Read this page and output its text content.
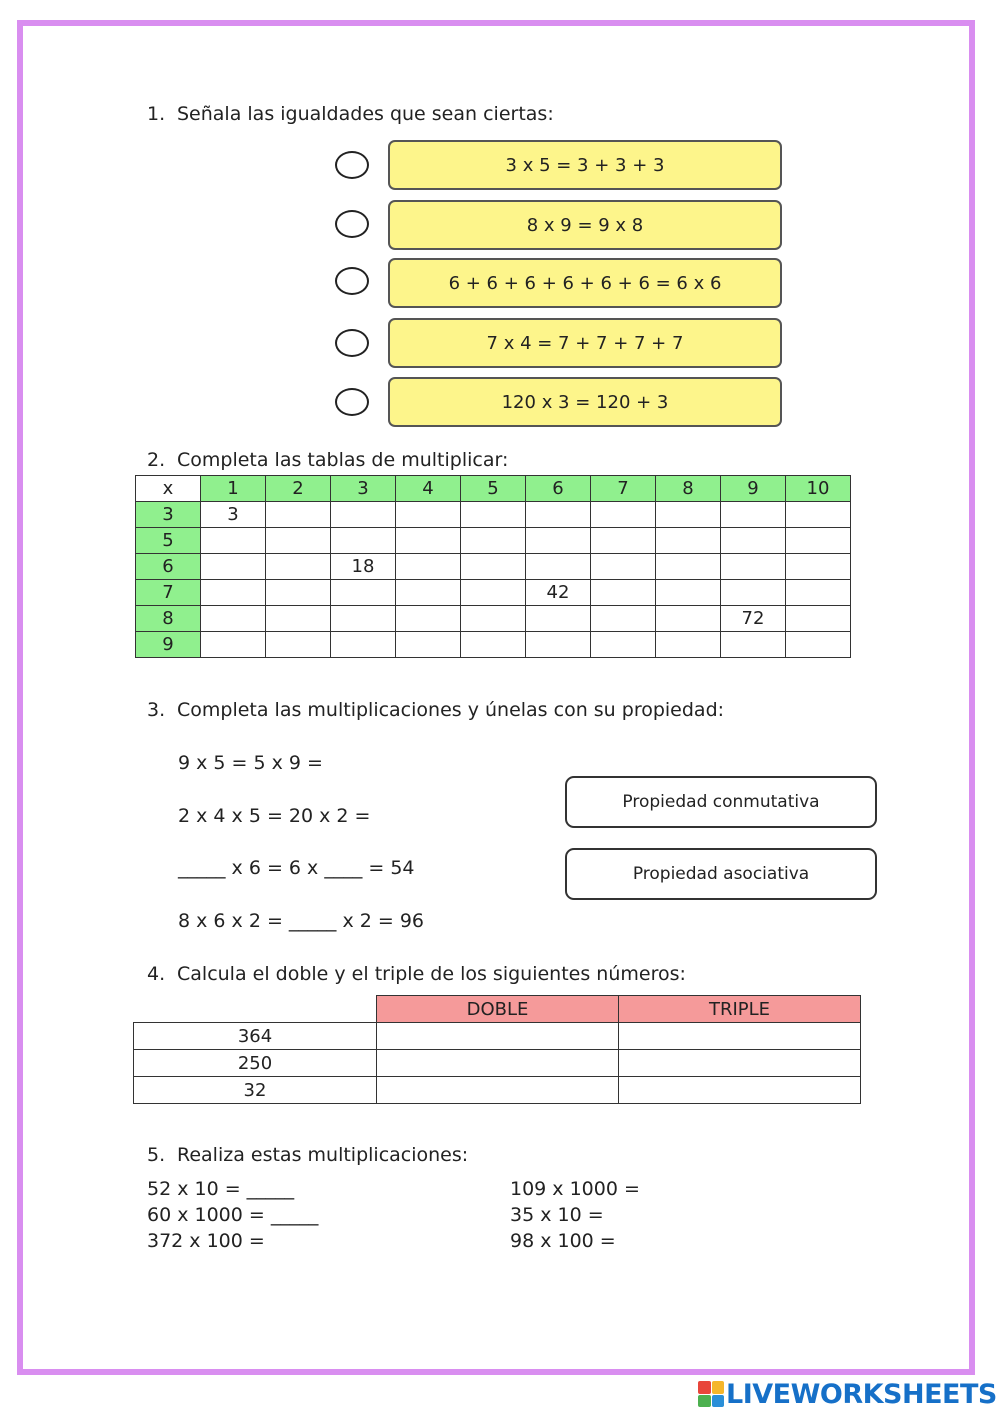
1. Señala las igualdades que sean ciertas:
3 x 5 = 3 + 3 + 3
8 x 9 = 9 x 8
6 + 6 + 6 + 6 + 6 + 6 = 6 x 6
7 x 4 = 7 + 7 + 7 + 7
120 x 3 = 120 + 3
2. Completa las tablas de multiplicar:
x	1	2	3	4	5	6	7	8	9	10
3	3									
5										
6			18							
7						42				
8									72	
9										
3. Completa las multiplicaciones y únelas con su propiedad:
9 x 5 = 5 x 9 =
2 x 4 x 5 = 20 x 2 =
_____ x 6 = 6 x ____ = 54
8 x 6 x 2 = _____ x 2 = 96
Propiedad conmutativa
Propiedad asociativa
4. Calcula el doble y el triple de los siguientes números:
	DOBLE	TRIPLE
364		
250		
32		
5. Realiza estas multiplicaciones:
52 x 10 = _____
60 x 1000 = _____
372 x 100 =
109 x 1000 =
35 x 10 =
98 x 100 =
LIVEWORKSHEETS
